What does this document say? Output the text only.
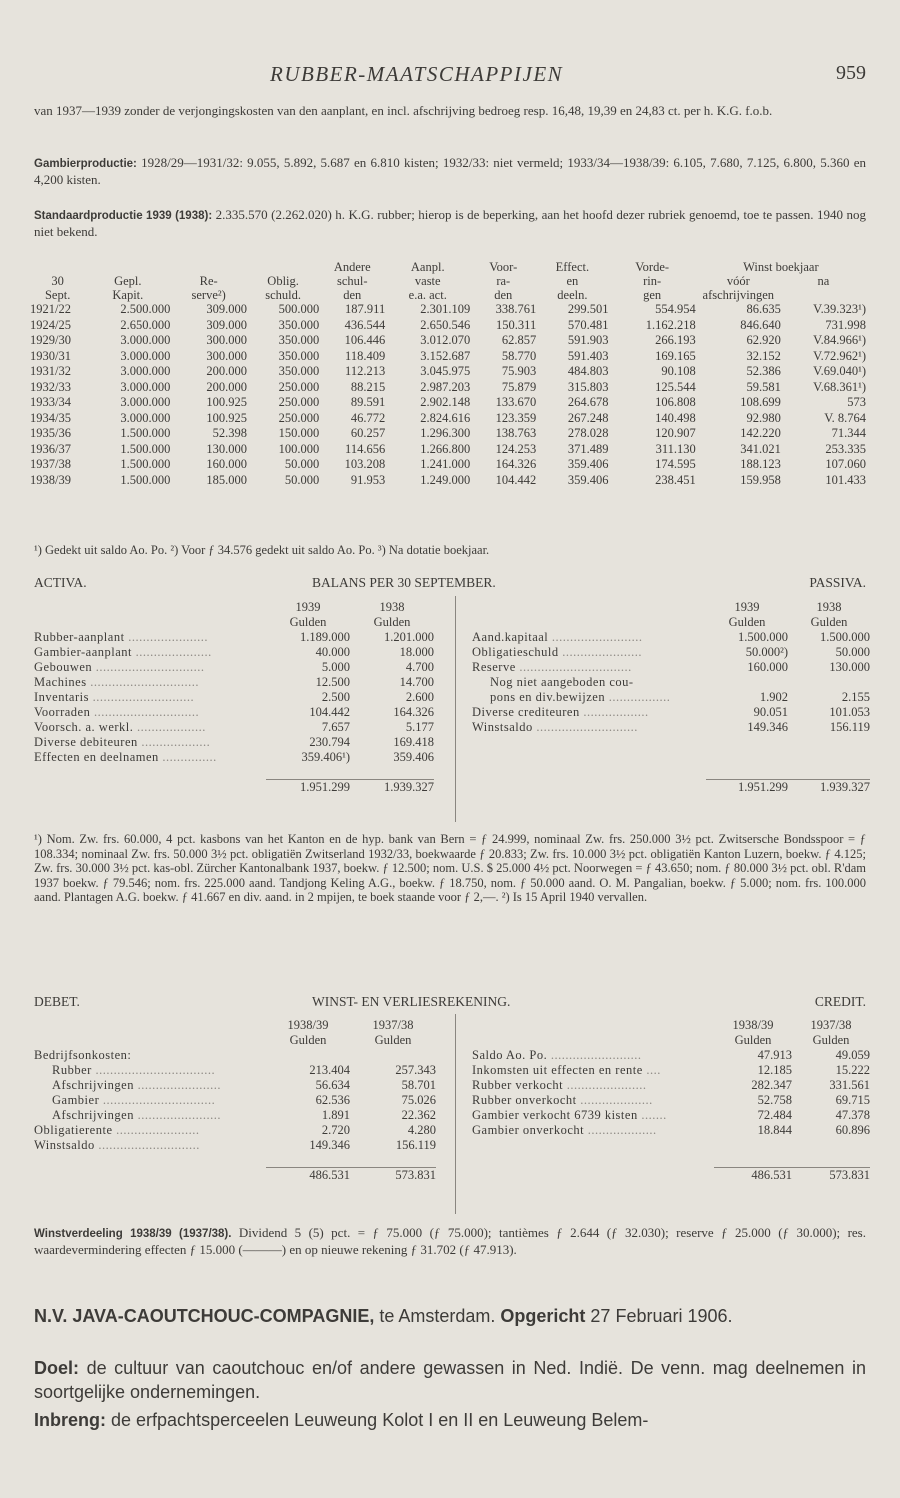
RUBBER-MAATSCHAPPIJEN	959
van 1937—1939 zonder de verjongingskosten van den aanplant, en incl. afschrijving bedroeg resp. 16,48, 19,39 en 24,83 ct. per h. K.G. f.o.b.
Gambierproductie: 1928/29—1931/32: 9.055, 5.892, 5.687 en 6.810 kisten; 1932/33: niet vermeld; 1933/34—1938/39: 6.105, 7.680, 7.125, 6.800, 5.360 en 4,200 kisten.
Standaardproductie 1939 (1938): 2.335.570 (2.262.020) h. K.G. rubber; hierop is de beperking, aan het hoofd dezer rubriek genoemd, toe te passen. 1940 nog niet bekend.
				Andere	Aanpl.	Voor-	Effect.	Vorde-	Winst boekjaar	
30	Gepl.	Re-	Oblig.	schul-	vaste	ra-	en	rin-	vóór	na
Sept.	Kapit.	serve²)	schuld.	den	e.a. act.	den	deeln.	gen	afschrijvingen	
1921/22	2.500.000	309.000	500.000	187.911	2.301.109	338.761	299.501	554.954	86.635	V.39.323¹)
1924/25	2.650.000	309.000	350.000	436.544	2.650.546	150.311	570.481	1.162.218	846.640	731.998
1929/30	3.000.000	300.000	350.000	106.446	3.012.070	62.857	591.903	266.193	62.920	V.84.966¹)
1930/31	3.000.000	300.000	350.000	118.409	3.152.687	58.770	591.403	169.165	32.152	V.72.962¹)
1931/32	3.000.000	200.000	350.000	112.213	3.045.975	75.903	484.803	90.108	52.386	V.69.040¹)
1932/33	3.000.000	200.000	250.000	88.215	2.987.203	75.879	315.803	125.544	59.581	V.68.361¹)
1933/34	3.000.000	100.925	250.000	89.591	2.902.148	133.670	264.678	106.808	108.699	573
1934/35	3.000.000	100.925	250.000	46.772	2.824.616	123.359	267.248	140.498	92.980	V. 8.764
1935/36	1.500.000	52.398	150.000	60.257	1.296.300	138.763	278.028	120.907	142.220	71.344
1936/37	1.500.000	130.000	100.000	114.656	1.266.800	124.253	371.489	311.130	341.021	253.335
1937/38	1.500.000	160.000	50.000	103.208	1.241.000	164.326	359.406	174.595	188.123	107.060
1938/39	1.500.000	185.000	50.000	91.953	1.249.000	104.442	359.406	238.451	159.958	101.433
¹) Gedekt uit saldo Ao. Po. ²) Voor ƒ 34.576 gedekt uit saldo Ao. Po. ³) Na dotatie boekjaar.
ACTIVA.	BALANS PER 30 SEPTEMBER.	PASSIVA.
	1939	1938
	Gulden	Gulden
Rubber-aanplant ......................	1.189.000	1.201.000
Gambier-aanplant .....................	40.000	18.000
Gebouwen ..............................	5.000	4.700
Machines ..............................	12.500	14.700
Inventaris ............................	2.500	2.600
Voorraden .............................	104.442	164.326
Voorsch. a. werkl. ...................	7.657	5.177
Diverse debiteuren ...................	230.794	169.418
Effecten en deelnamen ...............	359.406¹)	359.406

	1.951.299	1.939.327
	1939	1938
	Gulden	Gulden
Aand.kapitaal .........................	1.500.000	1.500.000
Obligatieschuld ......................	50.000²)	50.000
Reserve ...............................	160.000	130.000
Nog niet aangeboden cou-		
pons en div.bewijzen .................	1.902	2.155
Diverse crediteuren ..................	90.051	101.053
Winstsaldo ............................	149.346	156.119

	1.951.299	1.939.327
¹) Nom. Zw. frs. 60.000, 4 pct. kasbons van het Kanton en de hyp. bank van Bern = ƒ 24.999, nominaal Zw. frs. 250.000 3½ pct. Zwitsersche Bondsspoor = ƒ 108.334; nominaal Zw. frs. 50.000 3½ pct. obligatiën Zwitserland 1932/33, boekwaarde ƒ 20.833; Zw. frs. 10.000 3½ pct. obligatiën Kanton Luzern, boekw. ƒ 4.125; Zw. frs. 30.000 3½ pct. kas-obl. Zürcher Kantonalbank 1937, boekw. ƒ 12.500; nom. U.S. $ 25.000 4½ pct. Noorwegen = ƒ 43.650; nom. ƒ 80.000 3½ pct. obl. R'dam 1937 boekw. ƒ 79.546; nom. frs. 225.000 aand. Tandjong Keling A.G., boekw. ƒ 18.750, nom. ƒ 50.000 aand. O. M. Pangalian, boekw. ƒ 5.000; nom. frs. 100.000 aand. Plantagen A.G. boekw. ƒ 41.667 en div. aand. in 2 mpijen, te boek staande voor ƒ 2,—. ²) Is 15 April 1940 vervallen.
DEBET.	WINST- EN VERLIESREKENING.	CREDIT.
	1938/39	1937/38
	Gulden	Gulden
Bedrijfsonkosten:		
Rubber .................................	213.404	257.343
Afschrijvingen .......................	56.634	58.701
Gambier ...............................	62.536	75.026
Afschrijvingen .......................	1.891	22.362
Obligatierente .......................	2.720	4.280
Winstsaldo ............................	149.346	156.119

	486.531	573.831
	1938/39	1937/38
	Gulden	Gulden
Saldo Ao. Po. .........................	47.913	49.059
Inkomsten uit effecten en rente ....	12.185	15.222
Rubber verkocht ......................	282.347	331.561
Rubber onverkocht ....................	52.758	69.715
Gambier verkocht 6739 kisten .......	72.484	47.378
Gambier onverkocht ...................	18.844	60.896

	486.531	573.831
Winstverdeeling 1938/39 (1937/38). Dividend 5 (5) pct. = ƒ 75.000 (ƒ 75.000); tantièmes ƒ 2.644 (ƒ 32.030); reserve ƒ 25.000 (ƒ 30.000); res. waardevermindering effecten ƒ 15.000 (———) en op nieuwe rekening ƒ 31.702 (ƒ 47.913).
N.V. JAVA-CAOUTCHOUC-COMPAGNIE, te Amsterdam. Opgericht 27 Februari 1906.
Doel: de cultuur van caoutchouc en/of andere gewassen in Ned. Indië. De venn. mag deelnemen in soortgelijke ondernemingen.
Inbreng: de erfpachtsperceelen Leuweung Kolot I en II en Leuweung Belem-
